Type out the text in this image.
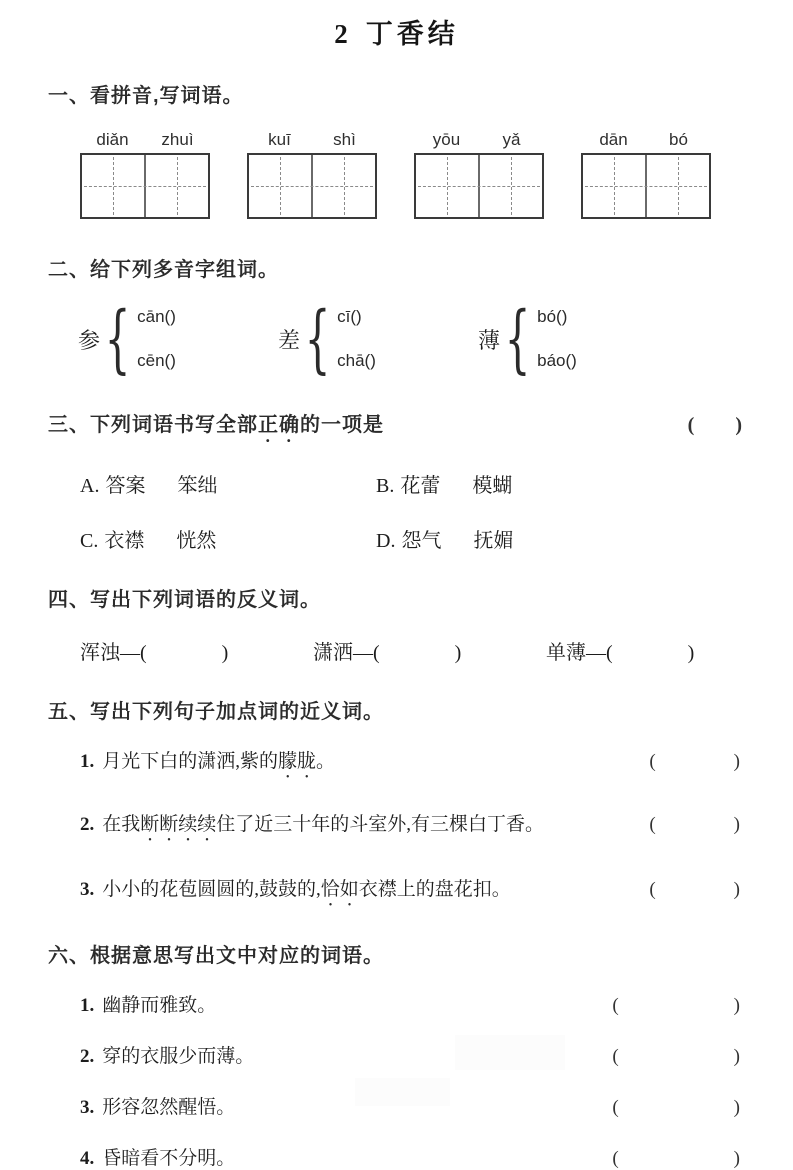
2 丁香结
一、看拼音,写词语。
diǎn	zhuì	kuī	shì	yōu	yǎ	dān	bó
二、给下列多音字组词。
参 { cān( )
cēn( )
差 { cī( )
chā( )
薄 { bó( )
báo( )
三、下列词语书写全部正确的一项是	( )
A. 答案 笨绌	B. 花蕾 模蝴
C. 衣襟 恍然	D. 怨气 抚媚
四、写出下列词语的反义词。
浑浊—(	)	潇洒—(	)	单薄—(	)
五、写出下列句子加点词的近义词。
1. 月光下白的潇洒,紫的朦胧。	(	)
2. 在我断断续续住了近三十年的斗室外,有三棵白丁香。	(	)
3. 小小的花苞圆圆的,鼓鼓的,恰如衣襟上的盘花扣。	(	)
六、根据意思写出文中对应的词语。
1. 幽静而雅致。	(	)
2. 穿的衣服少而薄。	(	)
3. 形容忽然醒悟。	(	)
4. 昏暗看不分明。	(	)
